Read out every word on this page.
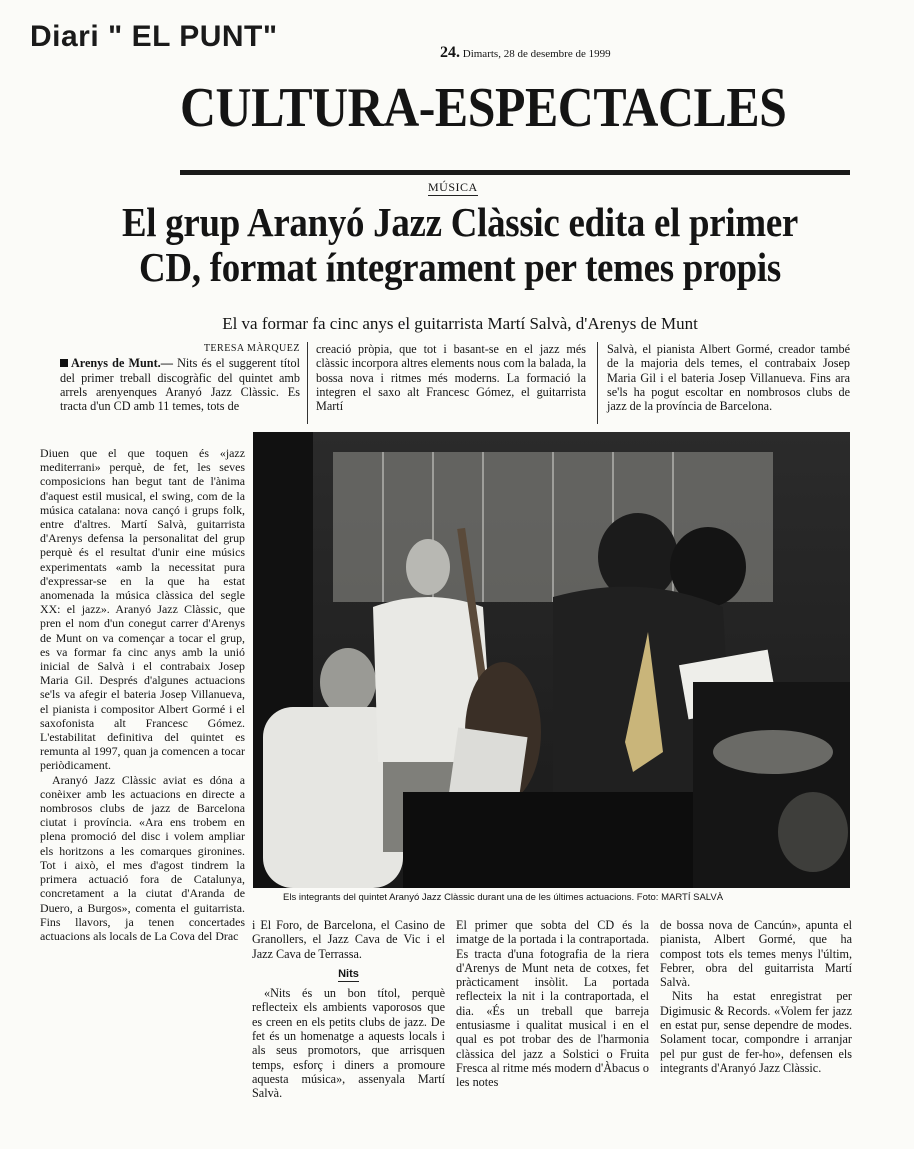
Diari " EL PUNT"	24. Dimarts, 28 de desembre de 1999
CULTURA-ESPECTACLES
MÚSICA
El grup Aranyó Jazz Clàssic edita el primer
CD, format íntegrament per temes propis
El va formar fa cinc anys el guitarrista Martí Salvà, d'Arenys de Munt
TERESA MÀRQUEZ

Arenys de Munt.— Nits és el suggerent títol del primer treball discogràfic del quintet amb arrels arenyenques Aranyó Jazz Clàssic. Es tracta d'un CD amb 11 temes, tots de

creació pròpia, que tot i basant-se en el jazz més clàssic incorpora altres elements nous com la balada, la bossa nova i ritmes més moderns. La formació la integren el saxo alt Francesc Gómez, el guitarrista Martí

Salvà, el pianista Albert Gormé, creador també de la majoria dels temes, el contrabaix Josep Maria Gil i el bateria Josep Villanueva. Fins ara se'ls ha pogut escoltar en nombrosos clubs de jazz de la província de Barcelona.

Diuen que el que toquen és «jazz mediterrani» perquè, de fet, les seves composicions han begut tant de l'ànima d'aquest estil musical, el swing, com de la música catalana: nova cançó i grups folk, entre d'altres. Martí Salvà, guitarrista d'Arenys defensa la personalitat del grup perquè és el resultat d'unir eine músics experimentats «amb la necessitat pura d'expressar-se en la que ha estat anomenada la música clàssica del segle XX: el jazz». Aranyó Jazz Clàssic, que pren el nom d'un conegut carrer d'Arenys de Munt on va començar a tocar el grup, es va formar fa cinc anys amb la unió inicial de Salvà i el contrabaix Josep Maria Gil. Després d'algunes actuacions se'ls va afegir el bateria Josep Villanueva, el pianista i compositor Albert Gormé i el saxofonista alt Francesc Gómez. L'estabilitat definitiva del quintet es remunta al 1997, quan ja comencen a tocar periòdicament.

Aranyó Jazz Clàssic aviat es dóna a conèixer amb les actuacions en directe a nombrosos clubs de jazz de Barcelona ciutat i província. «Ara ens trobem en plena promoció del disc i volem ampliar els horitzons a les comarques gironines. Tot i això, el mes d'agost tindrem la primera actuació fora de Catalunya, concretament a la ciutat d'Aranda de Duero, a Burgos», comenta el guitarrista. Fins llavors, ja tenen concertades actuacions als locals de La Cova del Drac

Els integrants del quintet Aranyó Jazz Clàssic durant una de les últimes actuacions. Foto: MARTÍ SALVÀ

i El Foro, de Barcelona, el Casino de Granollers, el Jazz Cava de Vic i el Jazz Cava de Terrassa.

Nits

«Nits és un bon títol, perquè reflecteix els ambients vaporosos que es creen en els petits clubs de jazz. De fet és un homenatge a aquests locals i als seus promotors, que arrisquen temps, esforç i diners a promoure aquesta música», assenyala Martí Salvà.

El primer que sobta del CD és la imatge de la portada i la contraportada. Es tracta d'una fotografia de la riera d'Arenys de Munt neta de cotxes, fet pràcticament insòlit. La portada reflecteix la nit i la contraportada, el dia. «És un treball que barreja entusiasme i qualitat musical i en el qual es pot trobar des de l'harmonia clàssica del jazz a Solstici o Fruita Fresca al ritme més modern d'Àbacus o les notes

de bossa nova de Cancún», apunta el pianista, Albert Gormé, que ha compost tots els temes menys l'últim, Febrer, obra del guitarrista Martí Salvà.

Nits ha estat enregistrat per Digimusic & Records. «Volem fer jazz en estat pur, sense dependre de modes. Solament tocar, compondre i arranjar pel pur gust de fer-ho», defensen els integrants d'Aranyó Jazz Clàssic.
